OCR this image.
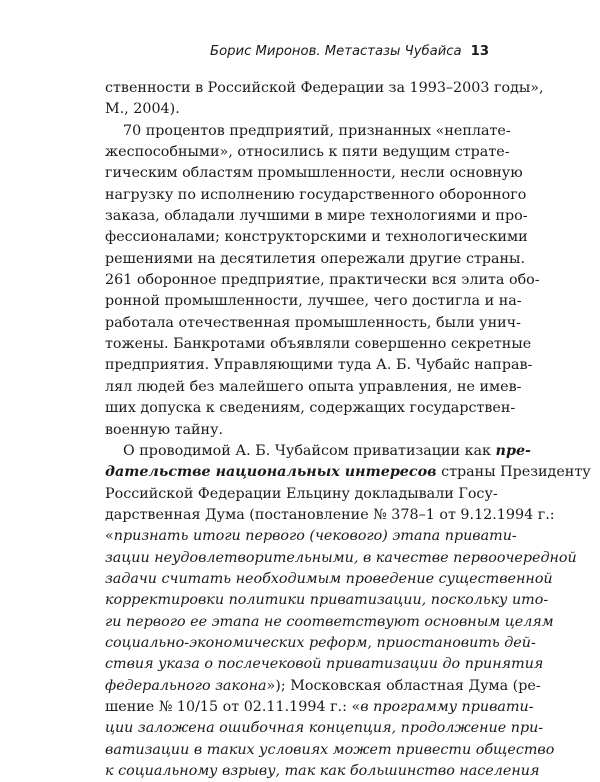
Борис Миронов. Метастазы Чубайса 13
ственности в Российской Федерации за 1993–2003 годы»,
М., 2004).
70 процентов предприятий, признанных «неплате-
жеспособными», относились к пяти ведущим страте-
гическим областям промышленности, несли основную
нагрузку по исполнению государственного оборонного
заказа, обладали лучшими в мире технологиями и про-
фессионалами; конструкторскими и технологическими
решениями на десятилетия опережали другие страны.
261 оборонное предприятие, практически вся элита обо-
ронной промышленности, лучшее, чего достигла и на-
работала отечественная промышленность, были унич-
тожены. Банкротами объявляли совершенно секретные
предприятия. Управляющими туда А. Б. Чубайс направ-
лял людей без малейшего опыта управления, не имев-
ших допуска к сведениям, содержащих государствен-
военную тайну.
О проводимой А. Б. Чубайсом приватизации как пре-
дательстве национальных интересов страны Президенту
Российской Федерации Ельцину докладывали Госу-
дарственная Дума (постановление № 378–1 от 9.12.1994 г.:
«признать итоги первого (чекового) этапа привати-
зации неудовлетворительными, в качестве первоочередной
задачи считать необходимым проведение существенной
корректировки политики приватизации, поскольку ито-
ги первого ее этапа не соответствуют основным целям
социально-экономических реформ, приостановить дей-
ствия указа о послечековой приватизации до принятия
федерального закона»); Московская областная Дума (ре-
шение № 10/15 от 02.11.1994 г.: «в программу привати-
ции заложена ошибочная концепция, продолжение при-
ватизации в таких условиях может привести общество
к социальному взрыву, так как большинство населения
